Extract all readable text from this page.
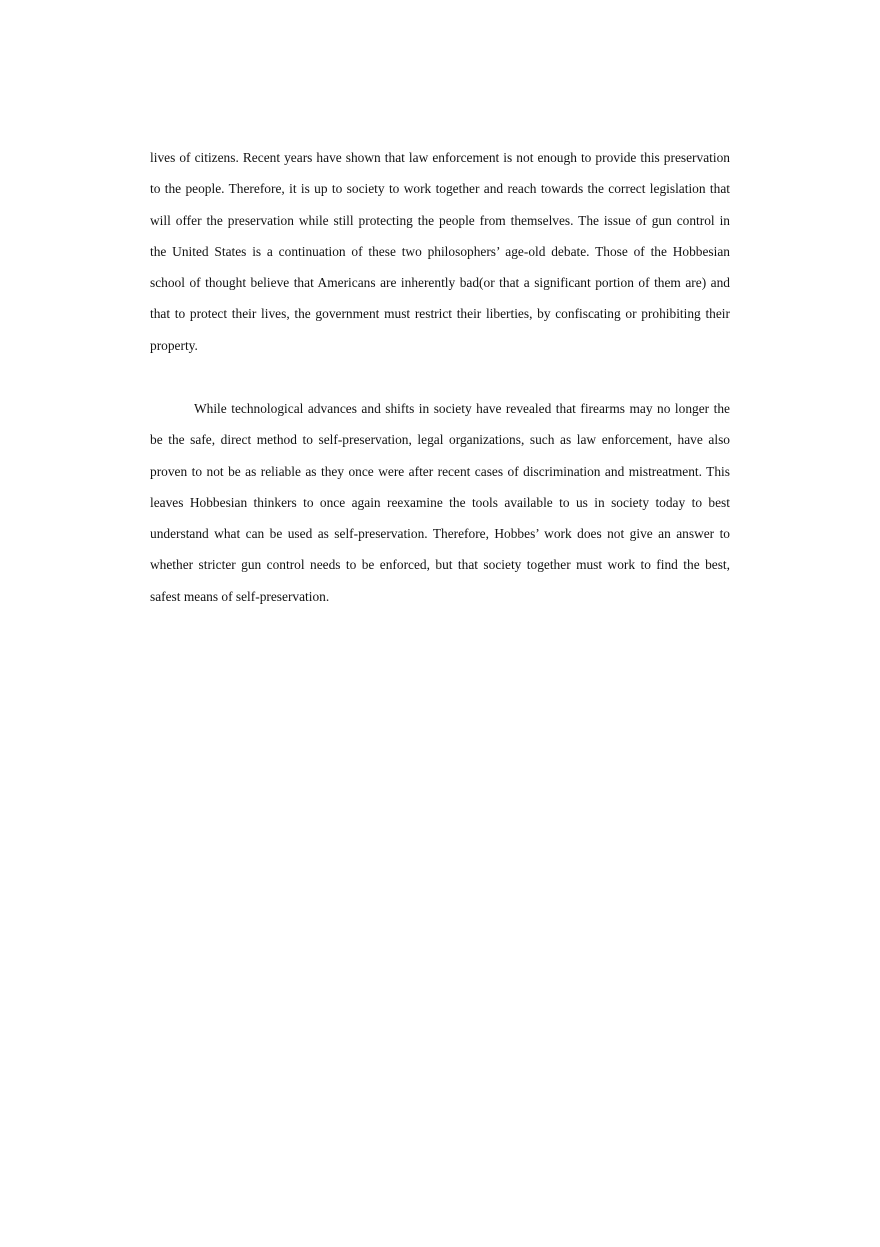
lives of citizens. Recent years have shown that law enforcement is not enough to provide this preservation
to the people. Therefore, it is up to society to work together and reach towards the correct legislation that
will offer the preservation while still protecting the people from themselves. The issue of gun control in
the United States is a continuation of these two philosophers’ age-old debate. Those of the Hobbesian
school of thought believe that Americans are inherently bad(or that a significant portion of them are) and
that to protect their lives, the government must restrict their liberties, by confiscating or prohibiting their
property.
While technological advances and shifts in society have revealed that firearms may no longer the
be the safe, direct method to self-preservation, legal organizations, such as law enforcement, have also
proven to not be as reliable as they once were after recent cases of discrimination and mistreatment. This
leaves Hobbesian thinkers to once again reexamine the tools available to us in society today to best
understand what can be used as self-preservation. Therefore, Hobbes’ work does not give an answer to
whether stricter gun control needs to be enforced, but that society together must work to find the best,
safest means of self-preservation.
